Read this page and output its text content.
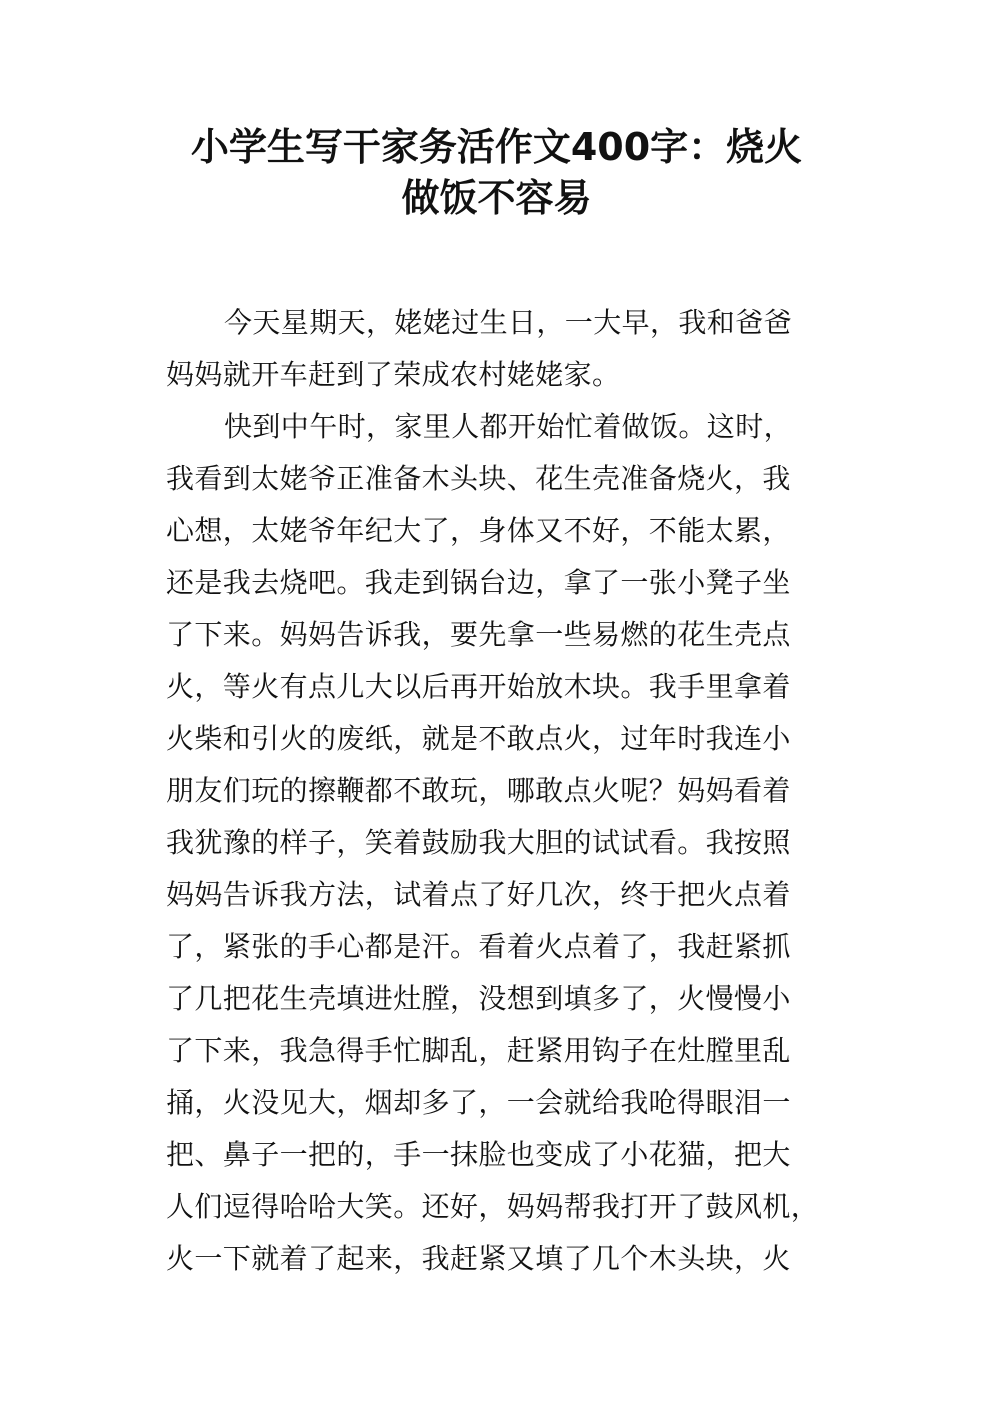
小学生写干家务活作文400字：烧火
做饭不容易
今天星期天，姥姥过生日，一大早，我和爸爸
妈妈就开车赶到了荣成农村姥姥家。
快到中午时，家里人都开始忙着做饭。这时，
我看到太姥爷正准备木头块、花生壳准备烧火，我
心想，太姥爷年纪大了，身体又不好，不能太累，
还是我去烧吧。我走到锅台边，拿了一张小凳子坐
了下来。妈妈告诉我，要先拿一些易燃的花生壳点
火，等火有点儿大以后再开始放木块。我手里拿着
火柴和引火的废纸，就是不敢点火，过年时我连小
朋友们玩的擦鞭都不敢玩，哪敢点火呢？妈妈看着
我犹豫的样子，笑着鼓励我大胆的试试看。我按照
妈妈告诉我方法，试着点了好几次，终于把火点着
了，紧张的手心都是汗。看着火点着了，我赶紧抓
了几把花生壳填进灶膛，没想到填多了，火慢慢小
了下来，我急得手忙脚乱，赶紧用钩子在灶膛里乱
捅，火没见大，烟却多了，一会就给我呛得眼泪一
把、鼻子一把的，手一抹脸也变成了小花猫，把大
人们逗得哈哈大笑。还好，妈妈帮我打开了鼓风机，
火一下就着了起来，我赶紧又填了几个木头块，火
